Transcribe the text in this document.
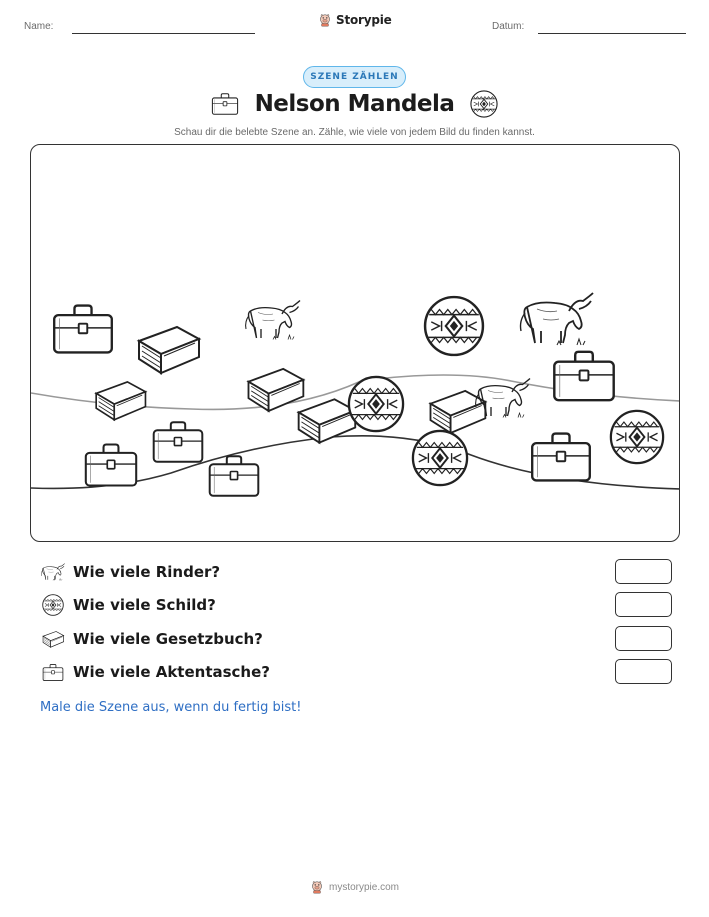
Name:	Storypie	Datum:
SZENE ZÄHLEN
Nelson Mandela
Schau dir die belebte Szene an. Zähle, wie viele von jedem Bild du finden kannst.
Wie viele Rinder?
Wie viele Schild?
Wie viele Gesetzbuch?
Wie viele Aktentasche?
Male die Szene aus, wenn du fertig bist!
mystorypie.com
